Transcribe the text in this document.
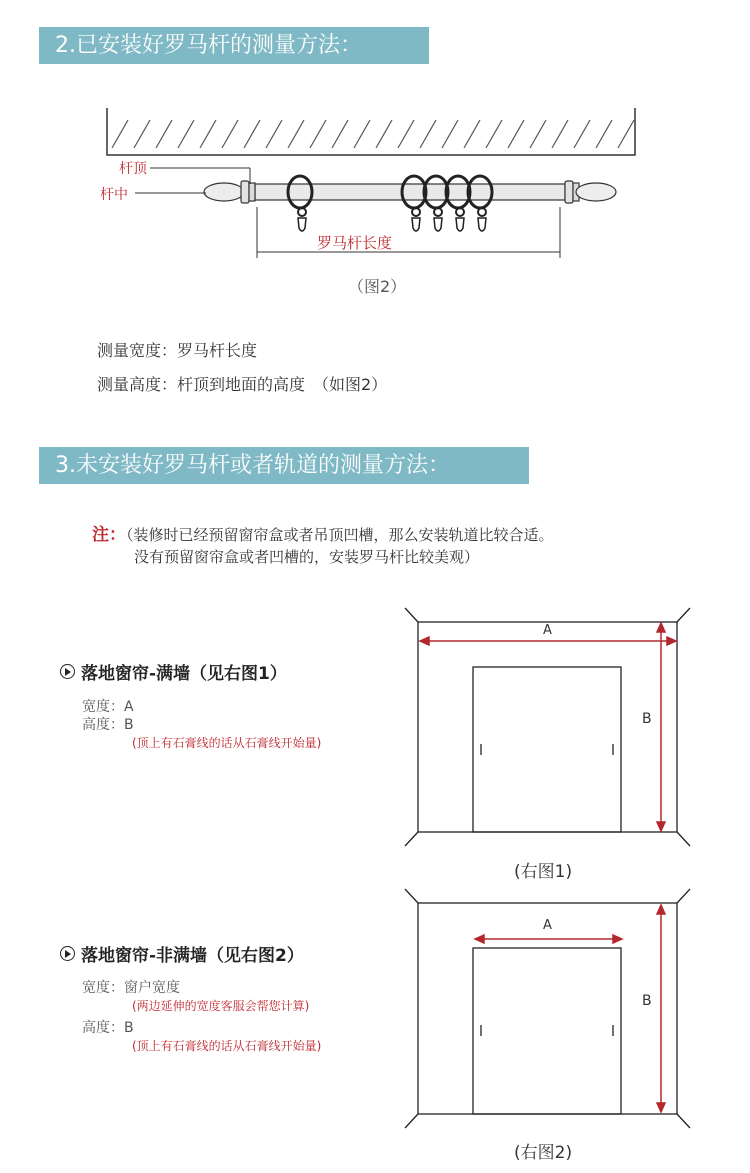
2.已安装好罗马杆的测量方法：
杆顶
杆中
罗马杆长度
（图2）
测量宽度：罗马杆长度
测量高度：杆顶到地面的高度　（如图2）
3.未安装好罗马杆或者轨道的测量方法：
注：（装修时已经预留窗帘盒或者吊顶凹槽，那么安装轨道比较合适。
没有预留窗帘盒或者凹槽的，安装罗马杆比较美观）
落地窗帘-满墙（见右图1）
宽度：A
高度：B
(顶上有石膏线的话从石膏线开始量)
A
B
(右图1)
落地窗帘-非满墙（见右图2）
宽度：窗户宽度
(两边延伸的宽度客服会帮您计算)
高度：B
(顶上有石膏线的话从石膏线开始量)
A
B
(右图2)
